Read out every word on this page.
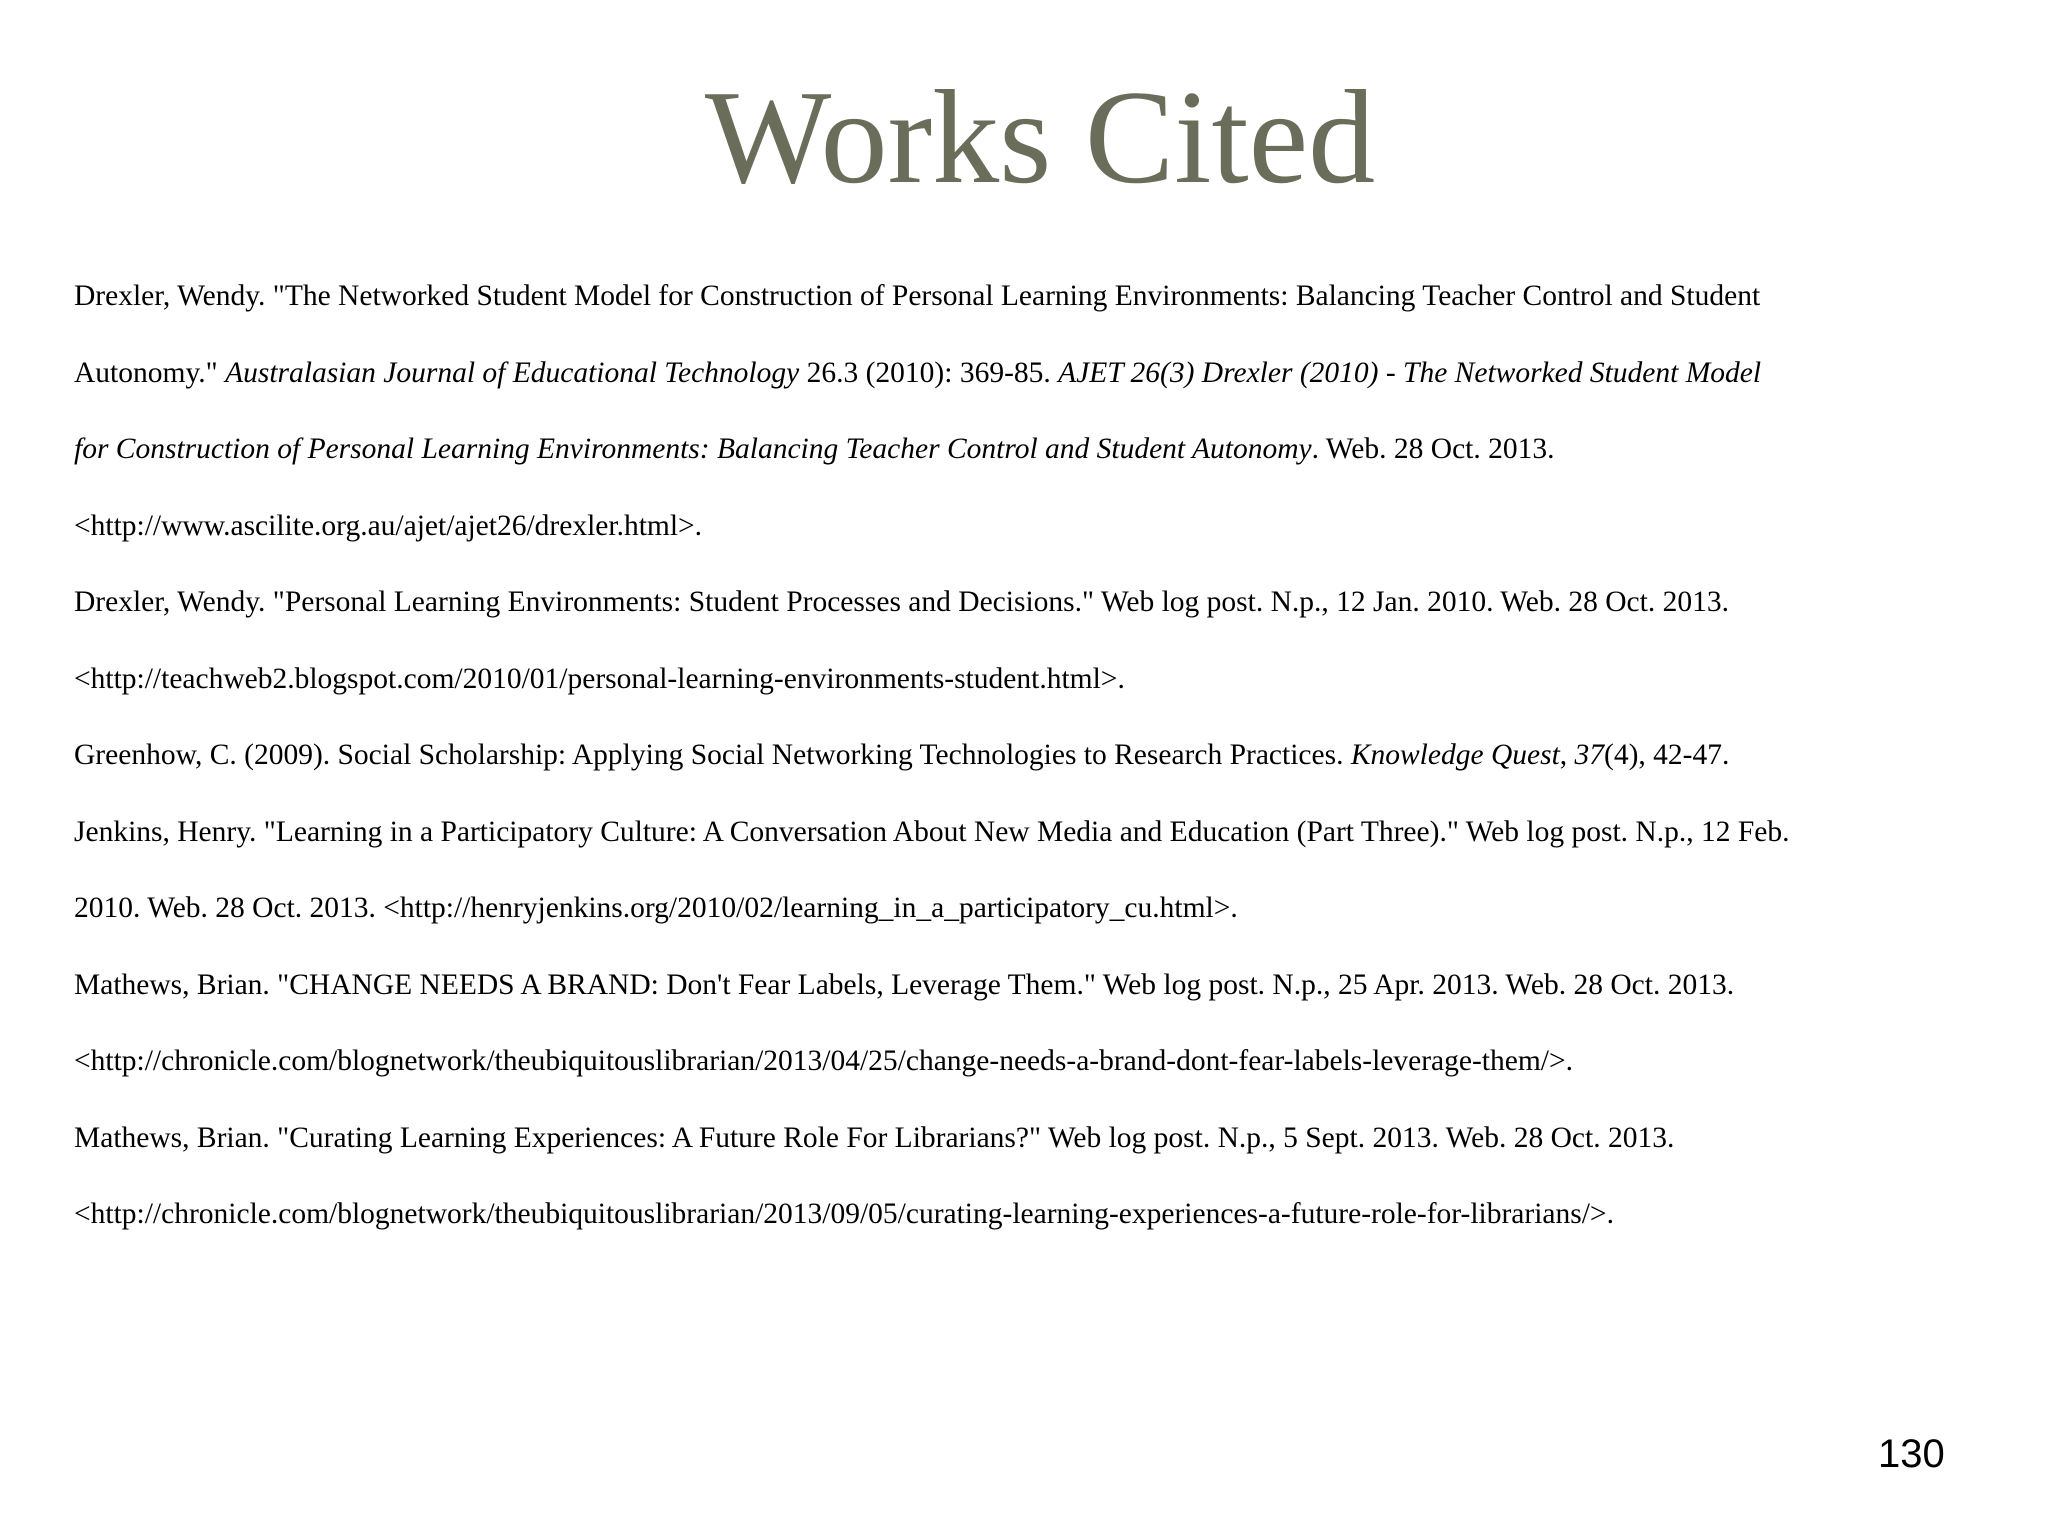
Works Cited

Drexler, Wendy. "The Networked Student Model for Construction of Personal Learning Environments: Balancing Teacher Control and Student
Autonomy." Australasian Journal of Educational Technology 26.3 (2010): 369-85. AJET 26(3) Drexler (2010) - The Networked Student Model
for Construction of Personal Learning Environments: Balancing Teacher Control and Student Autonomy. Web. 28 Oct. 2013.
<http://www.ascilite.org.au/ajet/ajet26/drexler.html>.

Drexler, Wendy. "Personal Learning Environments: Student Processes and Decisions." Web log post. N.p., 12 Jan. 2010. Web. 28 Oct. 2013.
<http://teachweb2.blogspot.com/2010/01/personal-learning-environments-student.html>.

Greenhow, C. (2009). Social Scholarship: Applying Social Networking Technologies to Research Practices. Knowledge Quest, 37(4), 42-47.

Jenkins, Henry. "Learning in a Participatory Culture: A Conversation About New Media and Education (Part Three)." Web log post. N.p., 12 Feb.
2010. Web. 28 Oct. 2013. <http://henryjenkins.org/2010/02/learning_in_a_participatory_cu.html>.

Mathews, Brian. "CHANGE NEEDS A BRAND: Don't Fear Labels, Leverage Them." Web log post. N.p., 25 Apr. 2013. Web. 28 Oct. 2013.
<http://chronicle.com/blognetwork/theubiquitouslibrarian/2013/04/25/change-needs-a-brand-dont-fear-labels-leverage-them/>.

Mathews, Brian. "Curating Learning Experiences: A Future Role For Librarians?" Web log post. N.p., 5 Sept. 2013. Web. 28 Oct. 2013.
<http://chronicle.com/blognetwork/theubiquitouslibrarian/2013/09/05/curating-learning-experiences-a-future-role-for-librarians/>.

130
